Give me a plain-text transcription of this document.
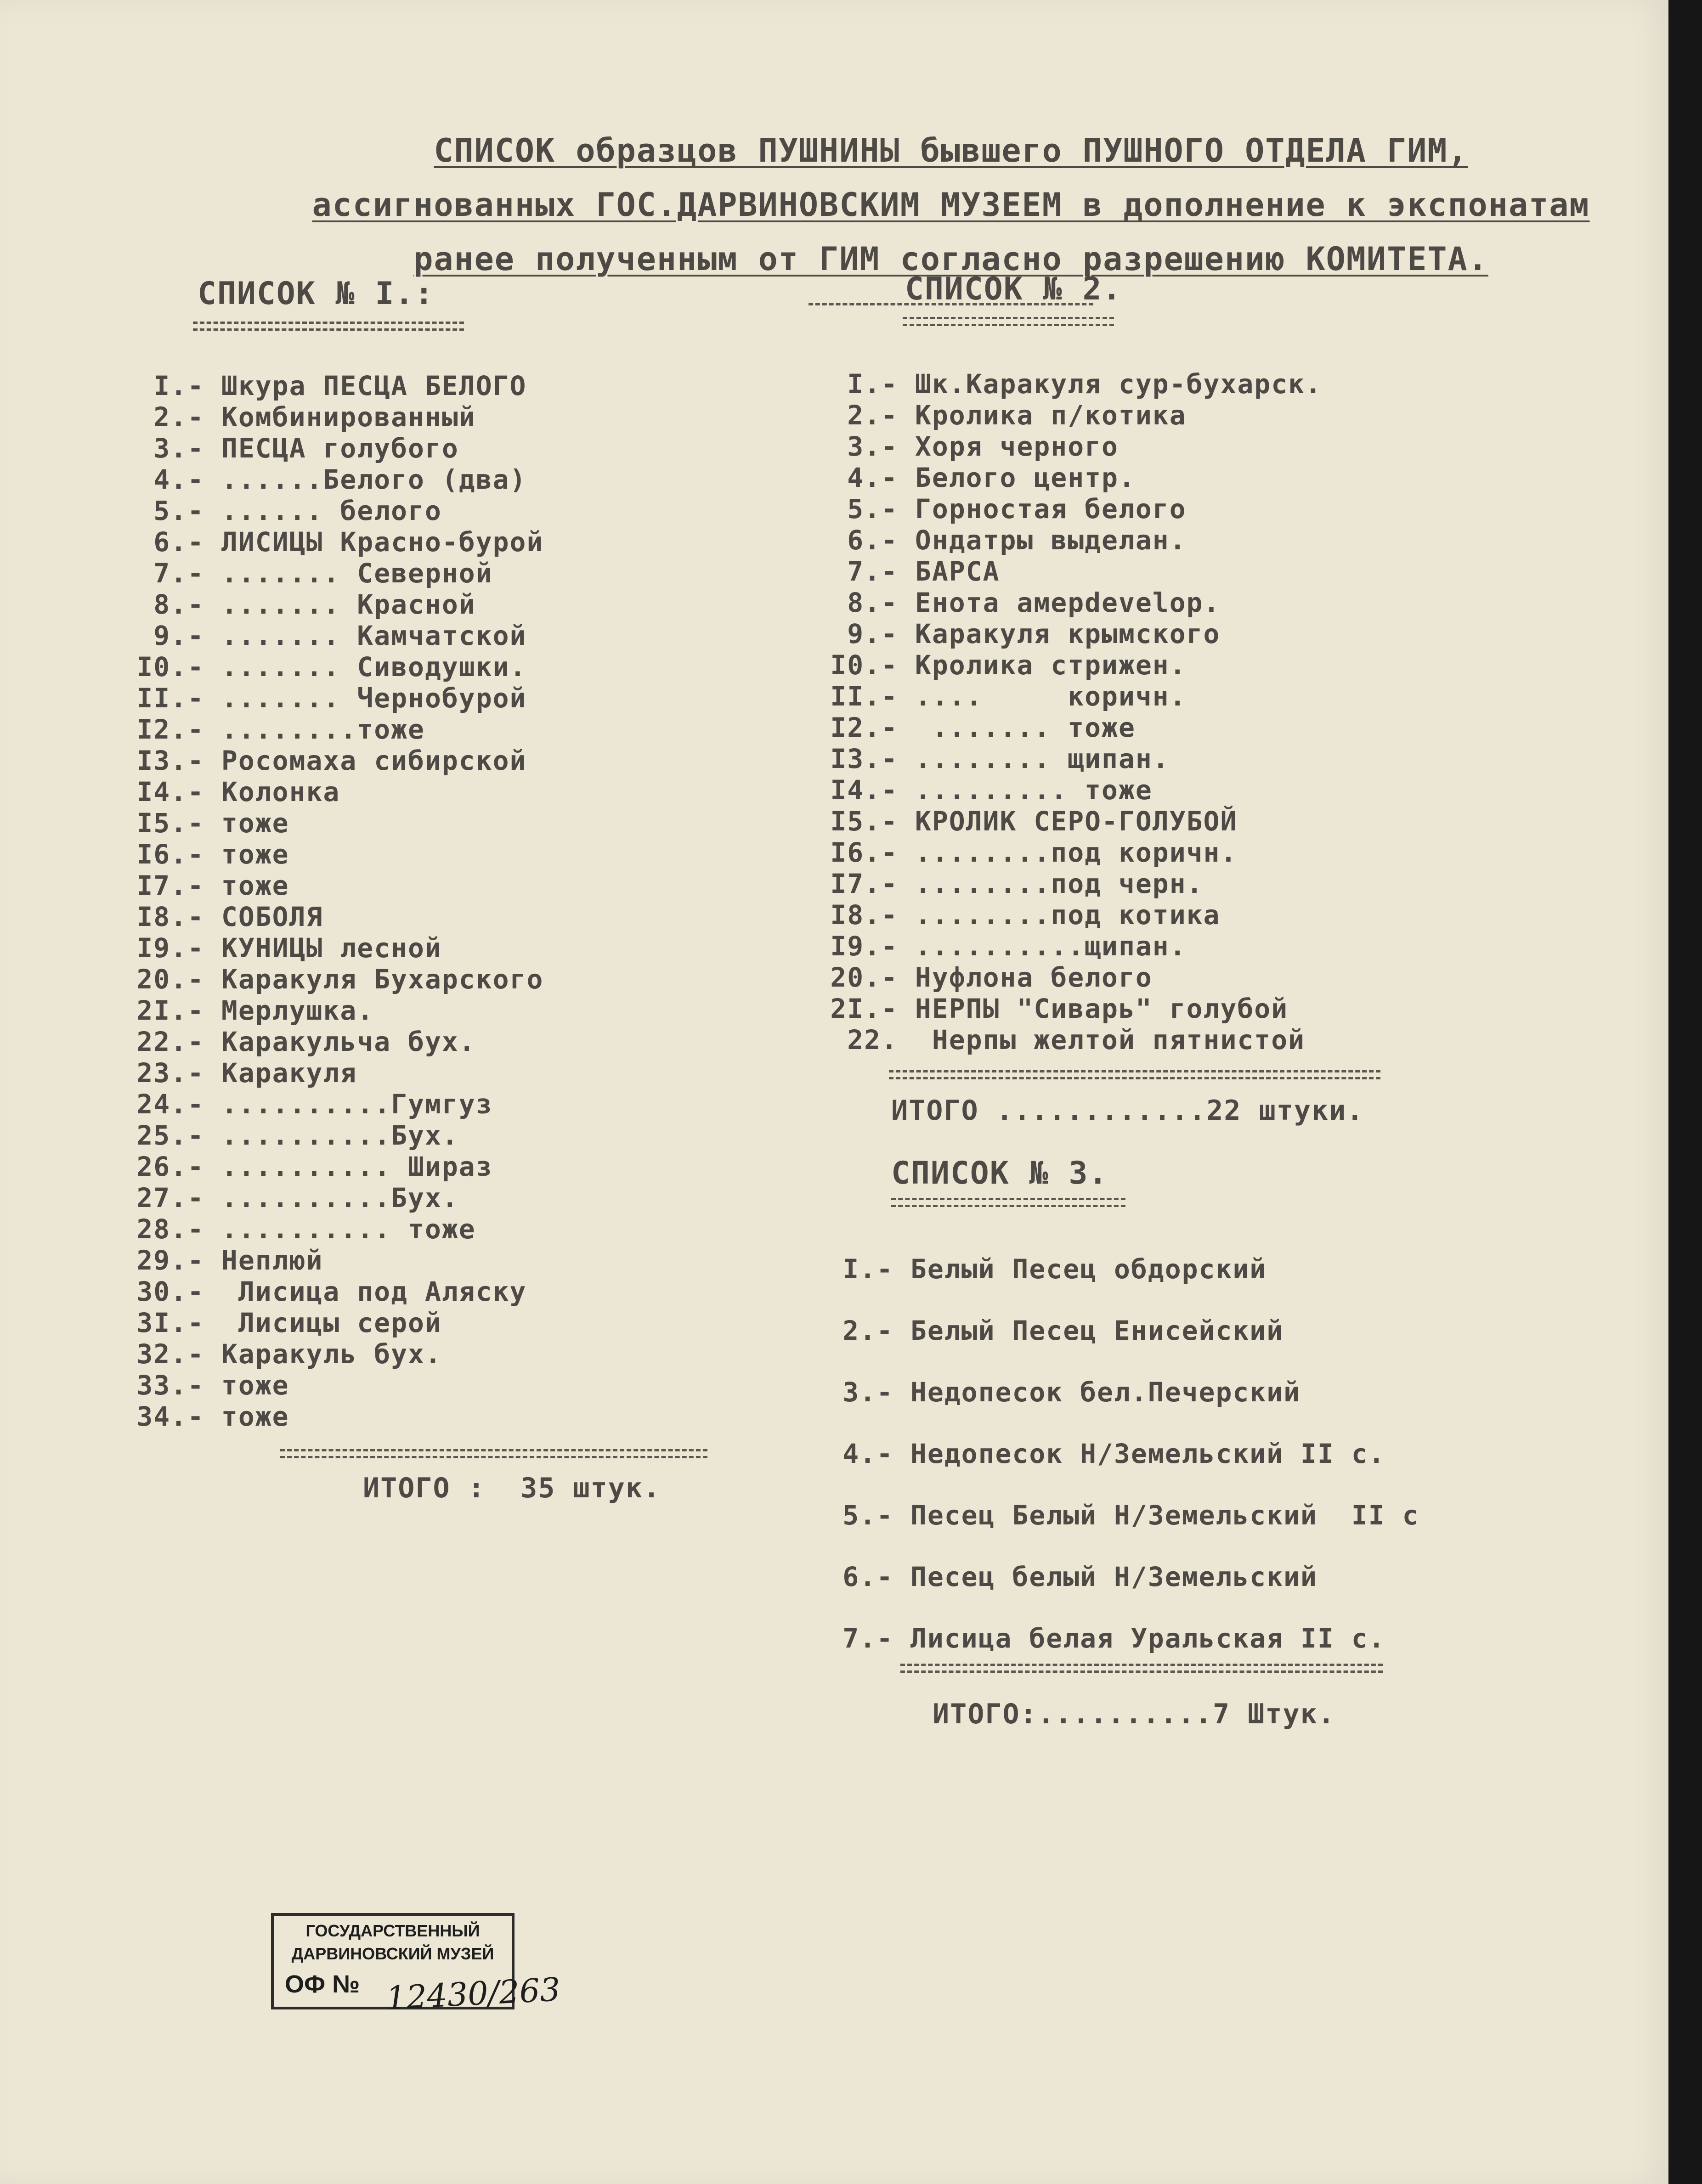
СПИСОК образцов ПУШНИНЫ бывшего ПУШНОГО ОТДЕЛА ГИМ,

ассигнованных ГОС.ДАРВИНОВСКИМ МУЗЕЕМ в дополнение к экспонатам

ранее полученным от ГИМ согласно разрешению КОМИТЕТА.

СПИСОК № I.:
I.- Шкура ПЕСЦА БЕЛОГО
2.- Комбинированный
3.- ПЕСЦА голубого
4.- ......Белого (два)
5.- ...... белого
6.- ЛИСИЦЫ Красно-бурой
7.- ....... Северной
8.- ....... Красной
9.- ....... Камчатской
I0.- ....... Сиводушки.
II.- ....... Чернобурой
I2.- ........тоже
I3.- Росомаха сибирской
I4.- Колонка
I5.- тоже
I6.- тоже
I7.- тоже
I8.- СОБОЛЯ
I9.- КУНИЦЫ лесной
20.- Каракуля Бухарского
2I.- Мерлушка.
22.- Каракульча бух.
23.- Каракуля
24.- ..........Гумгуз
25.- ..........Бух.
26.- .......... Шираз
27.- ..........Бух.
28.- .......... тоже
29.- Неплюй
30.-  Лисица под Аляску
3I.-  Лисицы серой
32.- Каракуль бух.
33.- тоже
34.- тоже
ИТОГО :  35 штук.
СПИСОК № 2.
I.- Шк.Каракуля сур-бухарск.
2.- Кролика п/котика
3.- Хоря черного
4.- Белого центр.
5.- Горностая белого
6.- Ондатры выделан.
7.- БАРСА
8.- Енота амерdevelop.
9.- Каракуля крымского
I0.- Кролика стрижен.
II.- ....     коричн.
I2.-  ....... тоже
I3.- ........ щипан.
I4.- ......... тоже
I5.- КРОЛИК СЕРО-ГОЛУБОЙ
I6.- ........под коричн.
I7.- ........под черн.
I8.- ........под котика
I9.- ..........щипан.
20.- Нуфлона белого
2I.- НЕРПЫ "Сиварь" голубой
22.  Нерпы желтой пятнистой
ИТОГО ............22 штуки.
СПИСОК № 3.
I.- Белый Песец обдорский
2.- Белый Песец Енисейский
3.- Недопесок бел.Печерский
4.- Недопесок Н/Земельский II с.
5.- Песец Белый Н/Земельский  II с
6.- Песец белый Н/Земельский
7.- Лисица белая Уральская II с.
ИТОГО:..........7 Штук.
ГОСУДАРСТВЕННЫЙ
ДАРВИНОВСКИЙ МУЗЕЙ
ОФ № 12430/263
